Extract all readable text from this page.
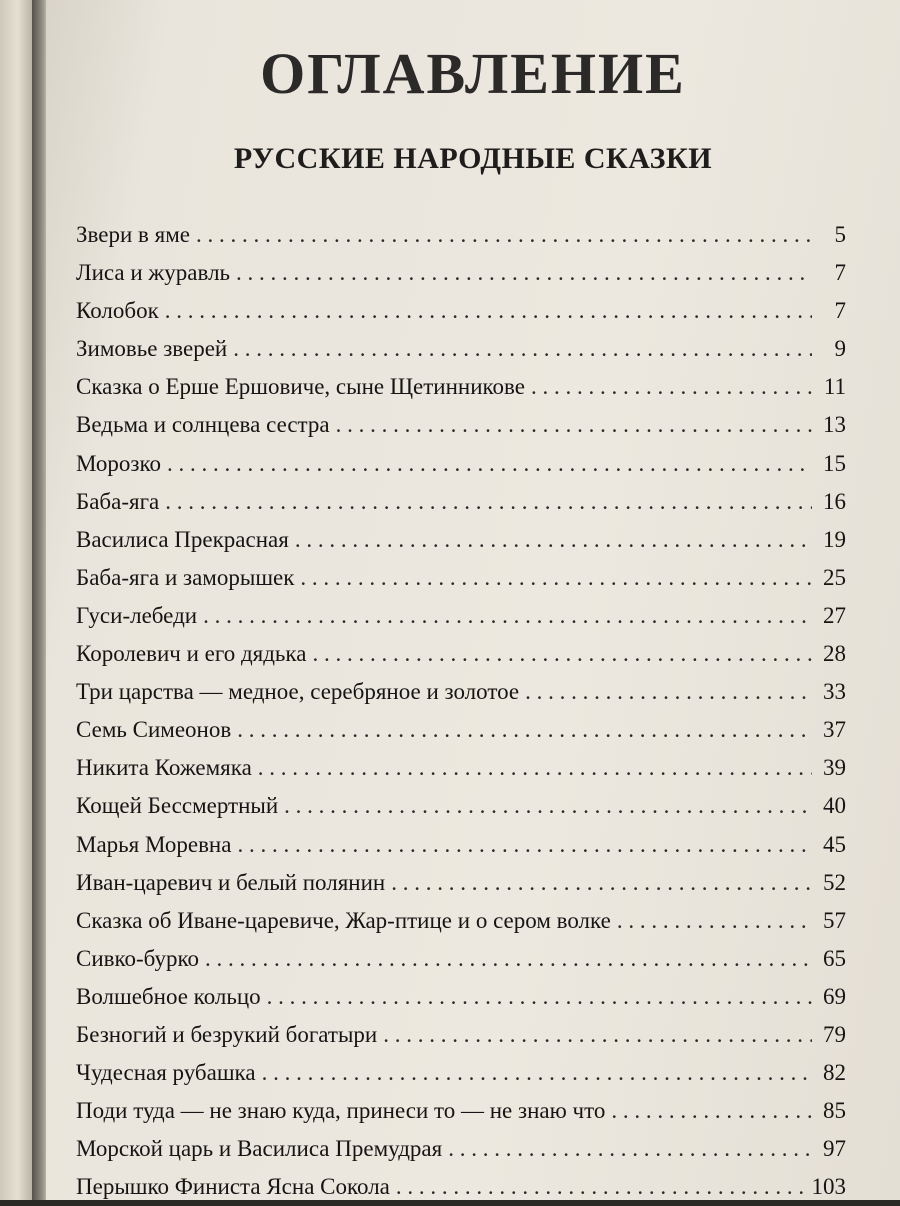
ОГЛАВЛЕНИЕ
РУССКИЕ НАРОДНЫЕ СКАЗКИ
Звери в яме . . .	5
Лиса и журавль . . .	7
Колобок . . .	7
Зимовье зверей . . .	9
Сказка о Ерше Ершовиче, сыне Щетинникове . . .	11
Ведьма и солнцева сестра . . .	13
Морозко . . .	15
Баба-яга . . .	16
Василиса Прекрасная . . .	19
Баба-яга и заморышек . . .	25
Гуси-лебеди . . .	27
Королевич и его дядька . . .	28
Три царства — медное, серебряное и золотое . . .	33
Семь Симеонов . . .	37
Никита Кожемяка . . .	39
Кощей Бессмертный . . .	40
Марья Моревна . . .	45
Иван-царевич и белый полянин . . .	52
Сказка об Иване-царевиче, Жар-птице и о сером волке . . .	57
Сивко-бурко . . .	65
Волшебное кольцо . . .	69
Безногий и безрукий богатыри . . .	79
Чудесная рубашка . . .	82
Поди туда — не знаю куда, принеси то — не знаю что . . .	85
Морской царь и Василиса Премудрая . . .	97
Перышко Финиста Ясна Сокола . . .	103
